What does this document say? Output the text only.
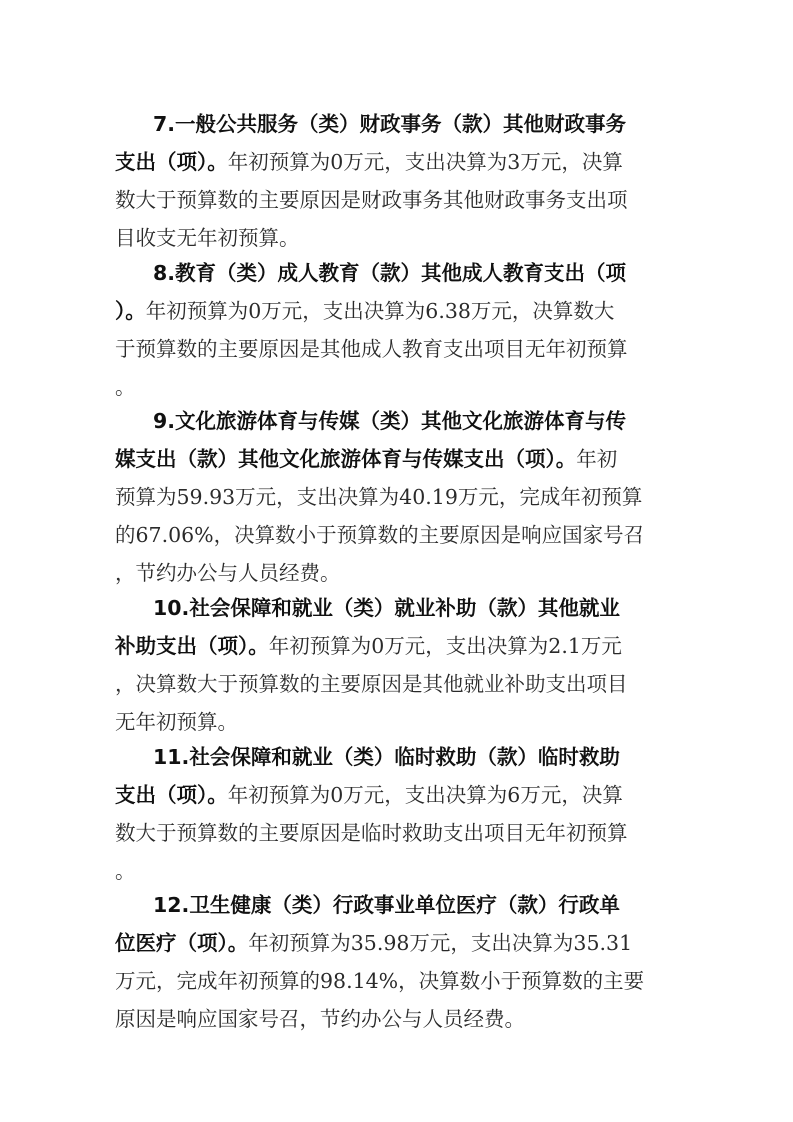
7.一般公共服务（类）财政事务（款）其他财政事务
支出（项）。年初预算为0万元，支出决算为3万元，决算
数大于预算数的主要原因是财政事务其他财政事务支出项
目收支无年初预算。
8.教育（类）成人教育（款）其他成人教育支出（项
）。年初预算为0万元，支出决算为6.38万元，决算数大
于预算数的主要原因是其他成人教育支出项目无年初预算
。
9.文化旅游体育与传媒（类）其他文化旅游体育与传
媒支出（款）其他文化旅游体育与传媒支出（项）。年初
预算为59.93万元，支出决算为40.19万元，完成年初预算
的67.06%，决算数小于预算数的主要原因是响应国家号召
，节约办公与人员经费。
10.社会保障和就业（类）就业补助（款）其他就业
补助支出（项）。年初预算为0万元，支出决算为2.1万元
，决算数大于预算数的主要原因是其他就业补助支出项目
无年初预算。
11.社会保障和就业（类）临时救助（款）临时救助
支出（项）。年初预算为0万元，支出决算为6万元，决算
数大于预算数的主要原因是临时救助支出项目无年初预算
。
12.卫生健康（类）行政事业单位医疗（款）行政单
位医疗（项）。年初预算为35.98万元，支出决算为35.31
万元，完成年初预算的98.14%，决算数小于预算数的主要
原因是响应国家号召，节约办公与人员经费。
